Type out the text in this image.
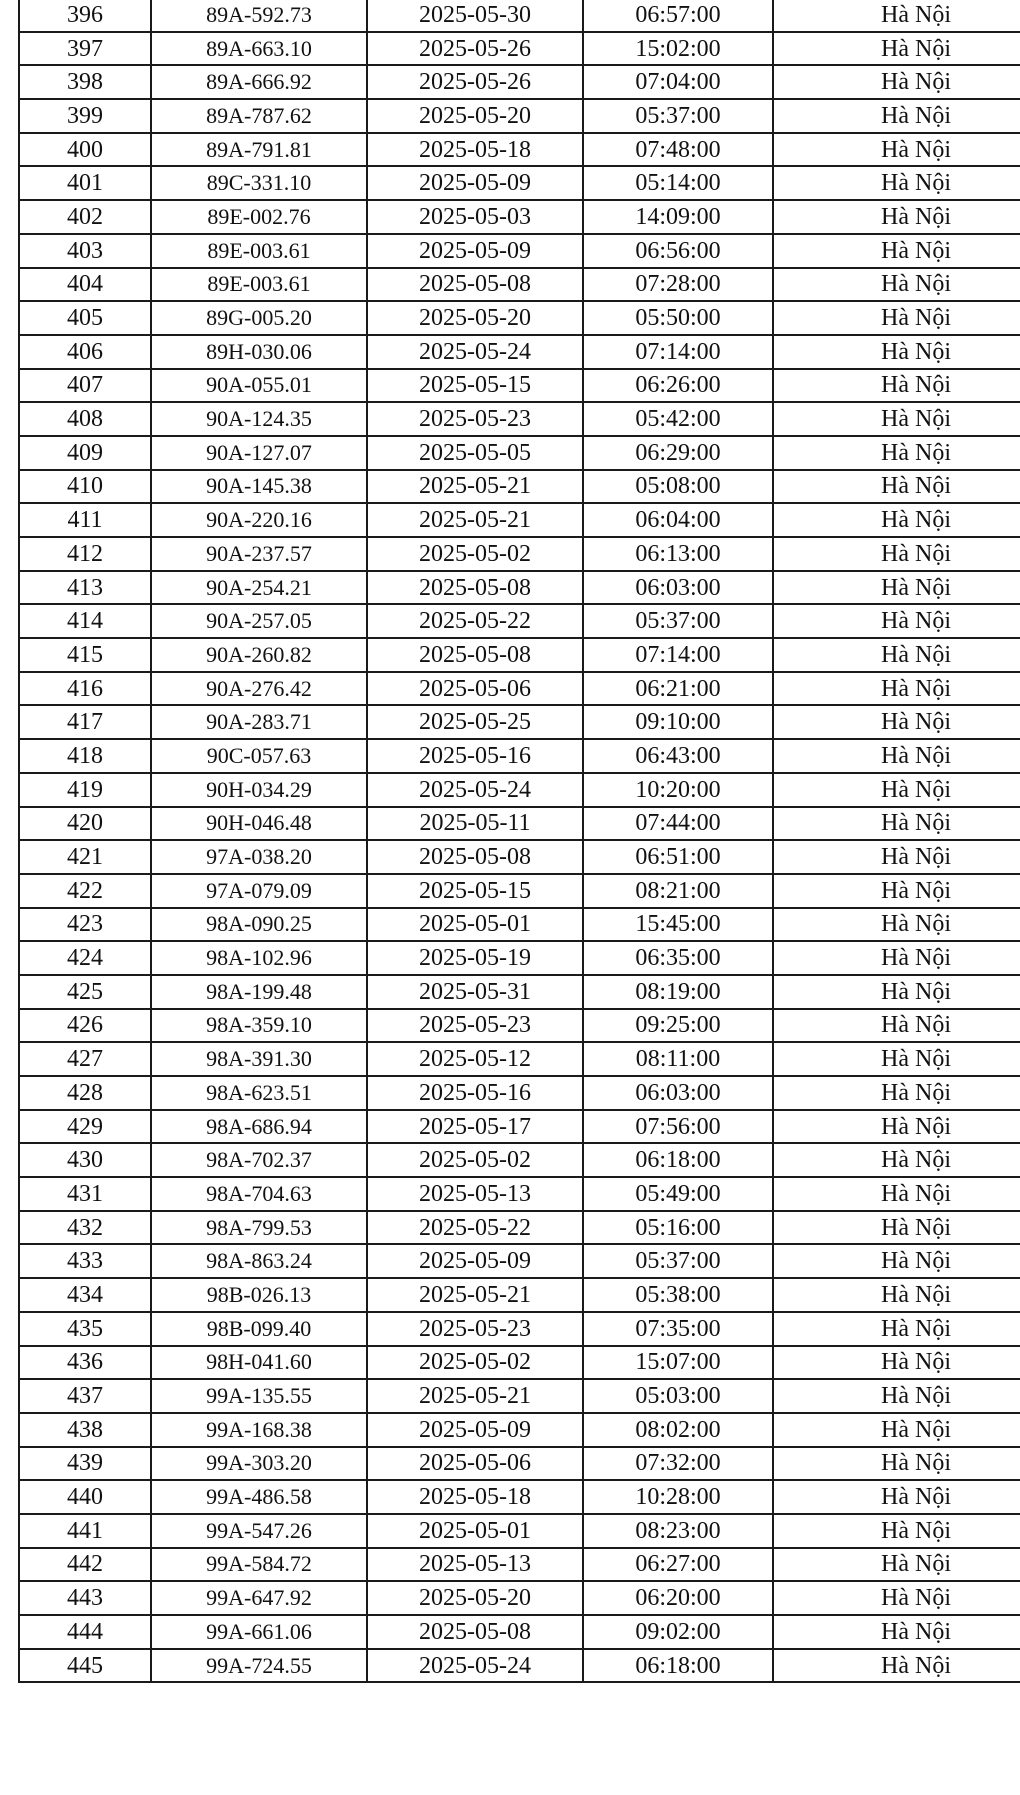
396	89A-592.73	2025-05-30	06:57:00	Hà Nội
397	89A-663.10	2025-05-26	15:02:00	Hà Nội
398	89A-666.92	2025-05-26	07:04:00	Hà Nội
399	89A-787.62	2025-05-20	05:37:00	Hà Nội
400	89A-791.81	2025-05-18	07:48:00	Hà Nội
401	89C-331.10	2025-05-09	05:14:00	Hà Nội
402	89E-002.76	2025-05-03	14:09:00	Hà Nội
403	89E-003.61	2025-05-09	06:56:00	Hà Nội
404	89E-003.61	2025-05-08	07:28:00	Hà Nội
405	89G-005.20	2025-05-20	05:50:00	Hà Nội
406	89H-030.06	2025-05-24	07:14:00	Hà Nội
407	90A-055.01	2025-05-15	06:26:00	Hà Nội
408	90A-124.35	2025-05-23	05:42:00	Hà Nội
409	90A-127.07	2025-05-05	06:29:00	Hà Nội
410	90A-145.38	2025-05-21	05:08:00	Hà Nội
411	90A-220.16	2025-05-21	06:04:00	Hà Nội
412	90A-237.57	2025-05-02	06:13:00	Hà Nội
413	90A-254.21	2025-05-08	06:03:00	Hà Nội
414	90A-257.05	2025-05-22	05:37:00	Hà Nội
415	90A-260.82	2025-05-08	07:14:00	Hà Nội
416	90A-276.42	2025-05-06	06:21:00	Hà Nội
417	90A-283.71	2025-05-25	09:10:00	Hà Nội
418	90C-057.63	2025-05-16	06:43:00	Hà Nội
419	90H-034.29	2025-05-24	10:20:00	Hà Nội
420	90H-046.48	2025-05-11	07:44:00	Hà Nội
421	97A-038.20	2025-05-08	06:51:00	Hà Nội
422	97A-079.09	2025-05-15	08:21:00	Hà Nội
423	98A-090.25	2025-05-01	15:45:00	Hà Nội
424	98A-102.96	2025-05-19	06:35:00	Hà Nội
425	98A-199.48	2025-05-31	08:19:00	Hà Nội
426	98A-359.10	2025-05-23	09:25:00	Hà Nội
427	98A-391.30	2025-05-12	08:11:00	Hà Nội
428	98A-623.51	2025-05-16	06:03:00	Hà Nội
429	98A-686.94	2025-05-17	07:56:00	Hà Nội
430	98A-702.37	2025-05-02	06:18:00	Hà Nội
431	98A-704.63	2025-05-13	05:49:00	Hà Nội
432	98A-799.53	2025-05-22	05:16:00	Hà Nội
433	98A-863.24	2025-05-09	05:37:00	Hà Nội
434	98B-026.13	2025-05-21	05:38:00	Hà Nội
435	98B-099.40	2025-05-23	07:35:00	Hà Nội
436	98H-041.60	2025-05-02	15:07:00	Hà Nội
437	99A-135.55	2025-05-21	05:03:00	Hà Nội
438	99A-168.38	2025-05-09	08:02:00	Hà Nội
439	99A-303.20	2025-05-06	07:32:00	Hà Nội
440	99A-486.58	2025-05-18	10:28:00	Hà Nội
441	99A-547.26	2025-05-01	08:23:00	Hà Nội
442	99A-584.72	2025-05-13	06:27:00	Hà Nội
443	99A-647.92	2025-05-20	06:20:00	Hà Nội
444	99A-661.06	2025-05-08	09:02:00	Hà Nội
445	99A-724.55	2025-05-24	06:18:00	Hà Nội
